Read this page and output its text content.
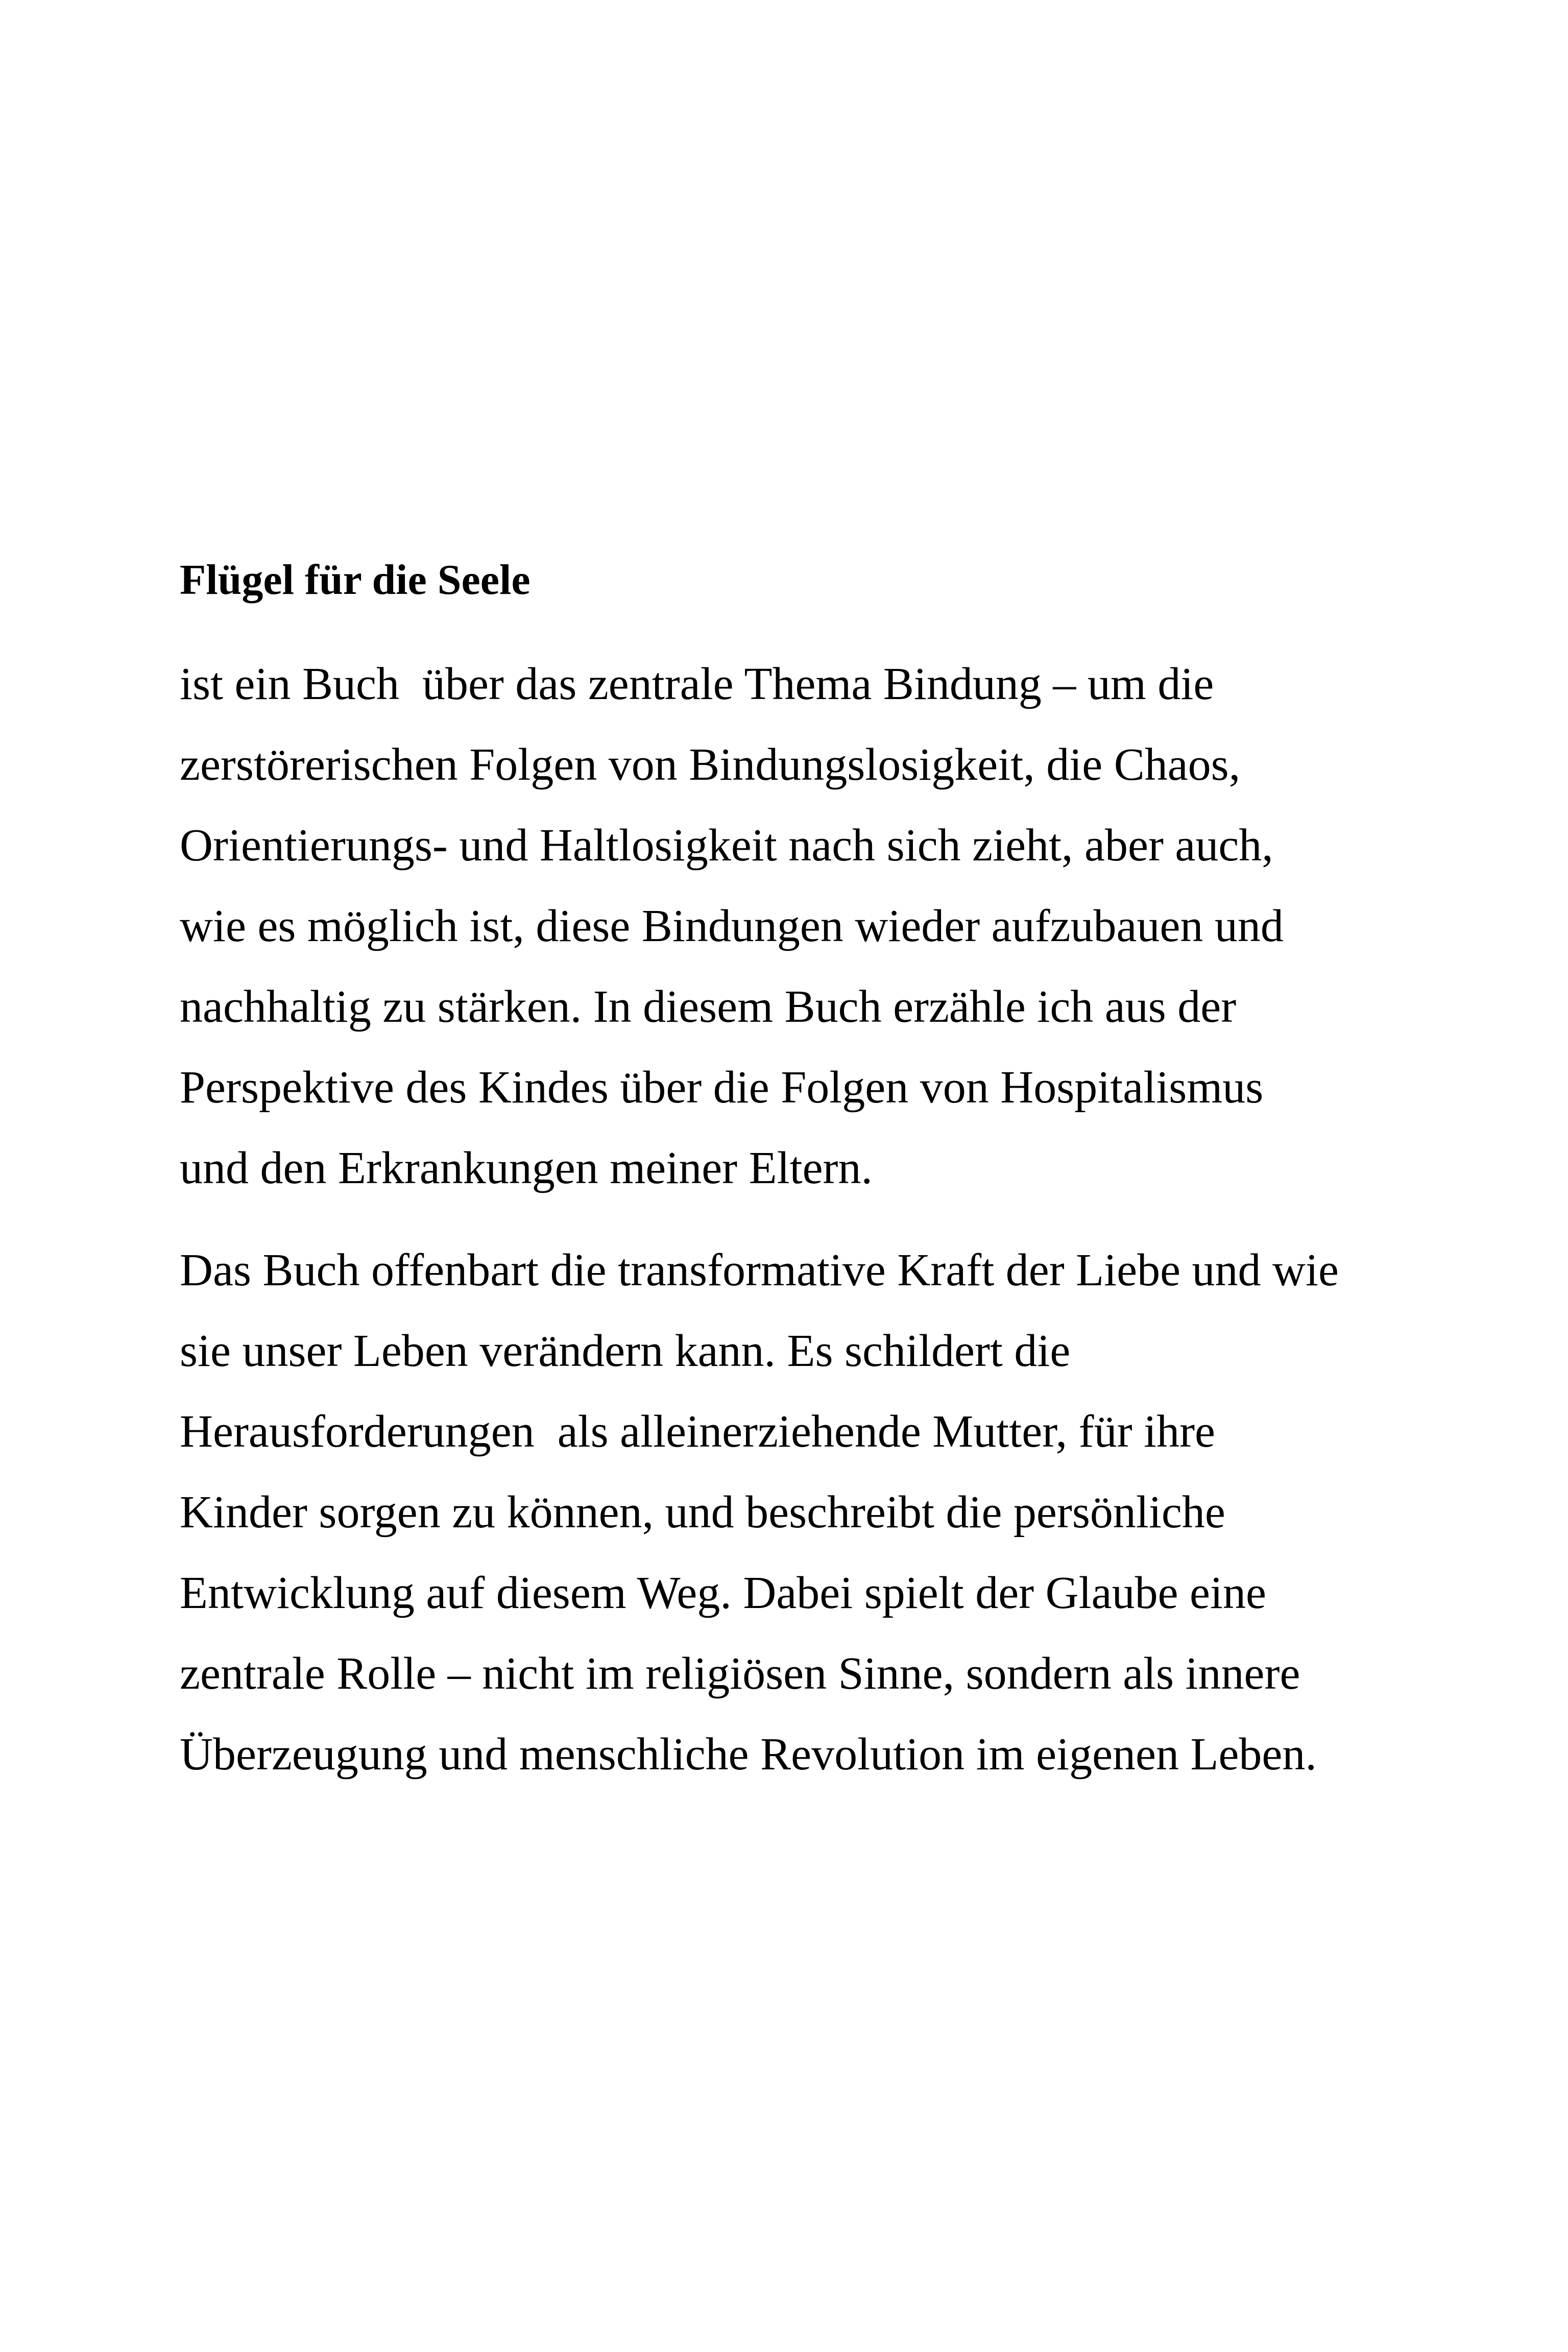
Flügel für die Seele

ist ein Buch  über das zentrale Thema Bindung – um die
zerstörerischen Folgen von Bindungslosigkeit, die Chaos,
Orientierungs- und Haltlosigkeit nach sich zieht, aber auch,
wie es möglich ist, diese Bindungen wieder aufzubauen und
nachhaltig zu stärken. In diesem Buch erzähle ich aus der
Perspektive des Kindes über die Folgen von Hospitalismus
und den Erkrankungen meiner Eltern.

Das Buch offenbart die transformative Kraft der Liebe und wie
sie unser Leben verändern kann. Es schildert die
Herausforderungen  als alleinerziehende Mutter, für ihre
Kinder sorgen zu können, und beschreibt die persönliche
Entwicklung auf diesem Weg. Dabei spielt der Glaube eine
zentrale Rolle – nicht im religiösen Sinne, sondern als innere
Überzeugung und menschliche Revolution im eigenen Leben.
